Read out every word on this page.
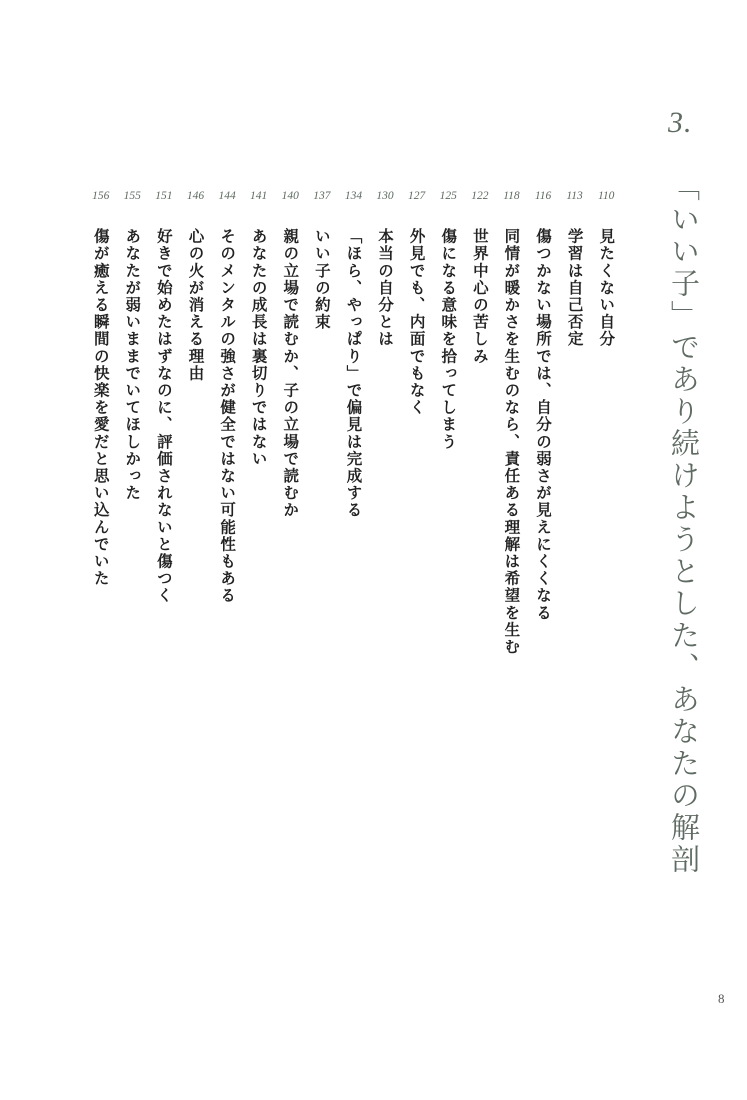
3.
「いい子」であり続けようとした、あなたの解剖
110
見たくない自分
113
学習は自己否定
116
傷つかない場所では、自分の弱さが見えにくくなる
118
同情が暖かさを生むのなら、責任ある理解は希望を生む
122
世界中心の苦しみ
125
傷になる意味を拾ってしまう
127
外見でも、内面でもなく
130
本当の自分とは
134
「ほら、やっぱり」で偏見は完成する
137
いい子の約束
140
親の立場で読むか、子の立場で読むか
141
あなたの成長は裏切りではない
144
そのメンタルの強さが健全ではない可能性もある
146
心の火が消える理由
151
好きで始めたはずなのに、評価されないと傷つく
155
あなたが弱いままでいてほしかった
156
傷が癒える瞬間の快楽を愛だと思い込んでいた
8
